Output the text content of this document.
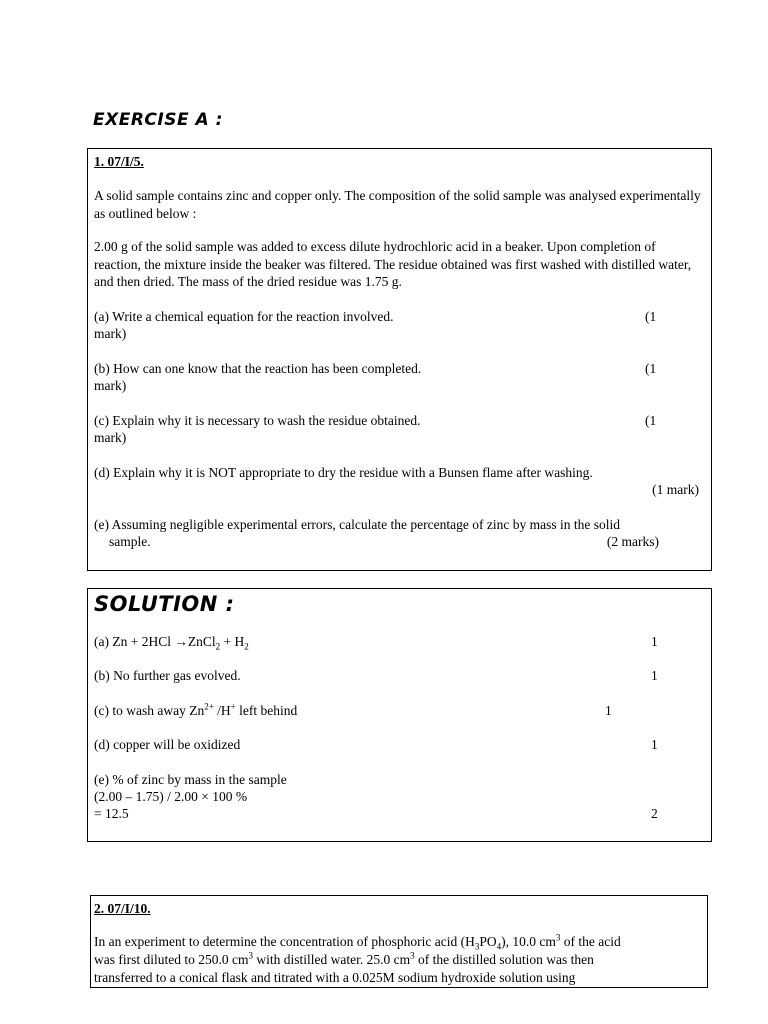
EXERCISE A :

1. 07/I/5.

A solid sample contains zinc and copper only. The composition of the solid sample was analysed experimentally as outlined below :

2.00 g of the solid sample was added to excess dilute hydrochloric acid in a beaker. Upon completion of reaction, the mixture inside the beaker was filtered. The residue obtained was first washed with distilled water, and then dried. The mass of the dried residue was 1.75 g.

(a) Write a chemical equation for the reaction involved.	(1
mark)
(b) How can one know that the reaction has been completed.	(1
mark)
(c) Explain why it is necessary to wash the residue obtained.	(1
mark)
(d) Explain why it is NOT appropriate to dry the residue with a Bunsen flame after washing.
(1 mark)
(e) Assuming negligible experimental errors, calculate the percentage of zinc by mass in the solid
sample.	(2 marks)
SOLUTION :
(a) Zn + 2HCl →ZnCl$_2$ + $H_2$	1
(b) No further gas evolved.	1
(c) to wash away $Zn^{2+}$ /H+ left behind	1
(d) copper will be oxidized	1
(e) % of zinc by mass in the sample
(2.00 – 1.75) / 2.00 × 100 %
= 12.5	2

2. 07/I/10.

In an experiment to determine the concentration of phosphoric acid $(H_3PO_4)$, 10.0 $cm^3$ of the acid
was first diluted to 250.0 $cm^3$ with distilled water. 25.0 $cm^3$ of the distilled solution was then
transferred to a conical flask and titrated with a 0.025M sodium hydroxide solution using
